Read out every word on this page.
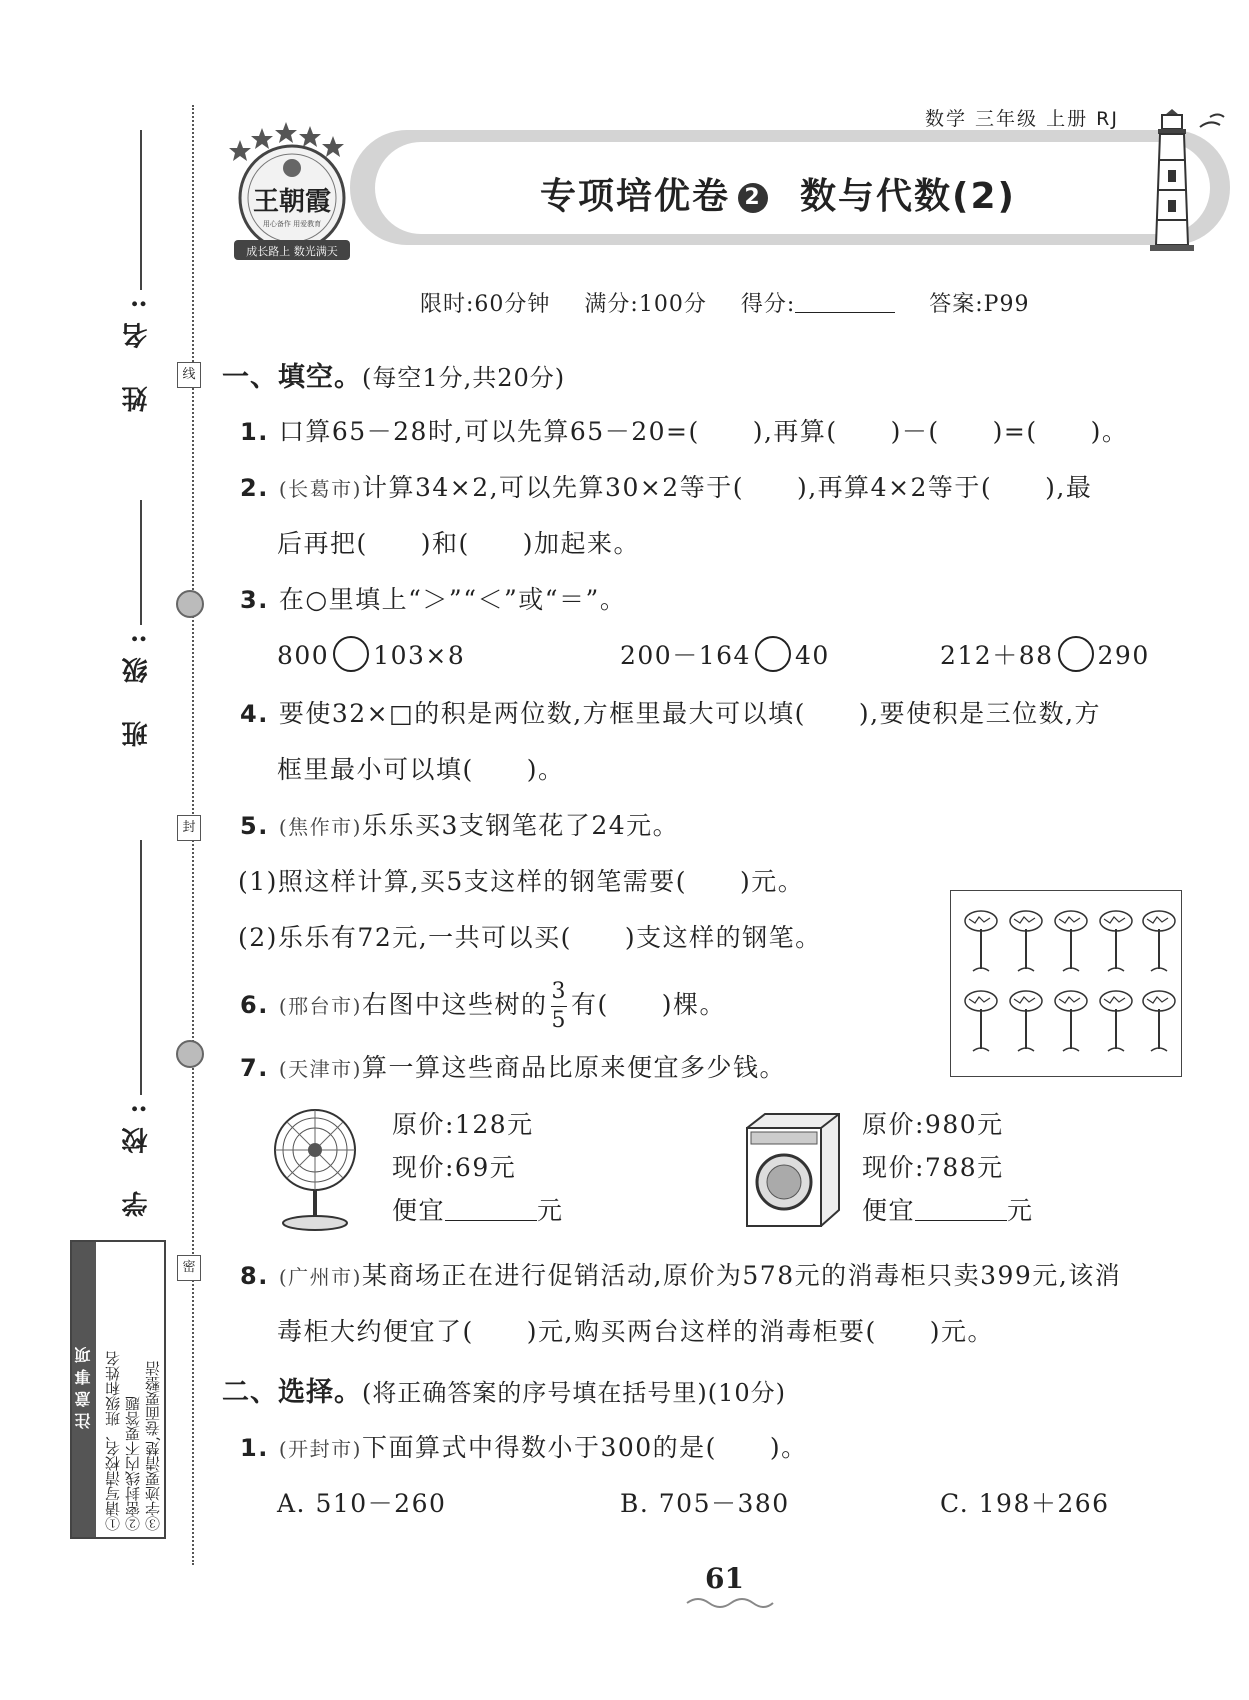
姓 名:
班 级:
学 校:
线
封
密
注意事项 ①请写清校名、班级和姓名 ②密封线内不要答题 ③字迹要清楚,卷面要整洁
数学 三年级 上册 RJ
王朝霞
用心备作 用爱教育
成长路上 数光满天
专项培优卷 2 数与代数(2)
限时:60分钟 满分:100分 得分:	答案:P99
一、填空。(每空1分,共20分)
1. 口算65－28时,可以先算65－20=(　　),再算(　　)－(　　)=(　　)。
2. (长葛市)计算34×2,可以先算30×2等于(　　),再算4×2等于(　　),最
后再把(　　)和(　　)加起来。
3. 在○里填上“＞”“＜”或“＝”。
800 103×8	200－164 40	212＋88 290
4. 要使32×□的积是两位数,方框里最大可以填(　　),要使积是三位数,方
框里最小可以填(　　)。
5. (焦作市)乐乐买3支钢笔花了24元。
(1)照这样计算,买5支这样的钢笔需要(　　)元。
(2)乐乐有72元,一共可以买(　　)支这样的钢笔。
6. (邢台市)右图中这些树的 $\frac{3}{5}$ 有(　　)棵。
7. (天津市)算一算这些商品比原来便宜多少钱。
原价:128元
现价:69元
便宜	元
原价:980元
现价:788元
便宜	元
8. (广州市)某商场正在进行促销活动,原价为578元的消毒柜只卖399元,该消
毒柜大约便宜了(　　)元,购买两台这样的消毒柜要(　　)元。
二、选择。(将正确答案的序号填在括号里)(10分)
1. (开封市)下面算式中得数小于300的是(　　)。
A. 510－260	B. 705－380	C. 198＋266
61
